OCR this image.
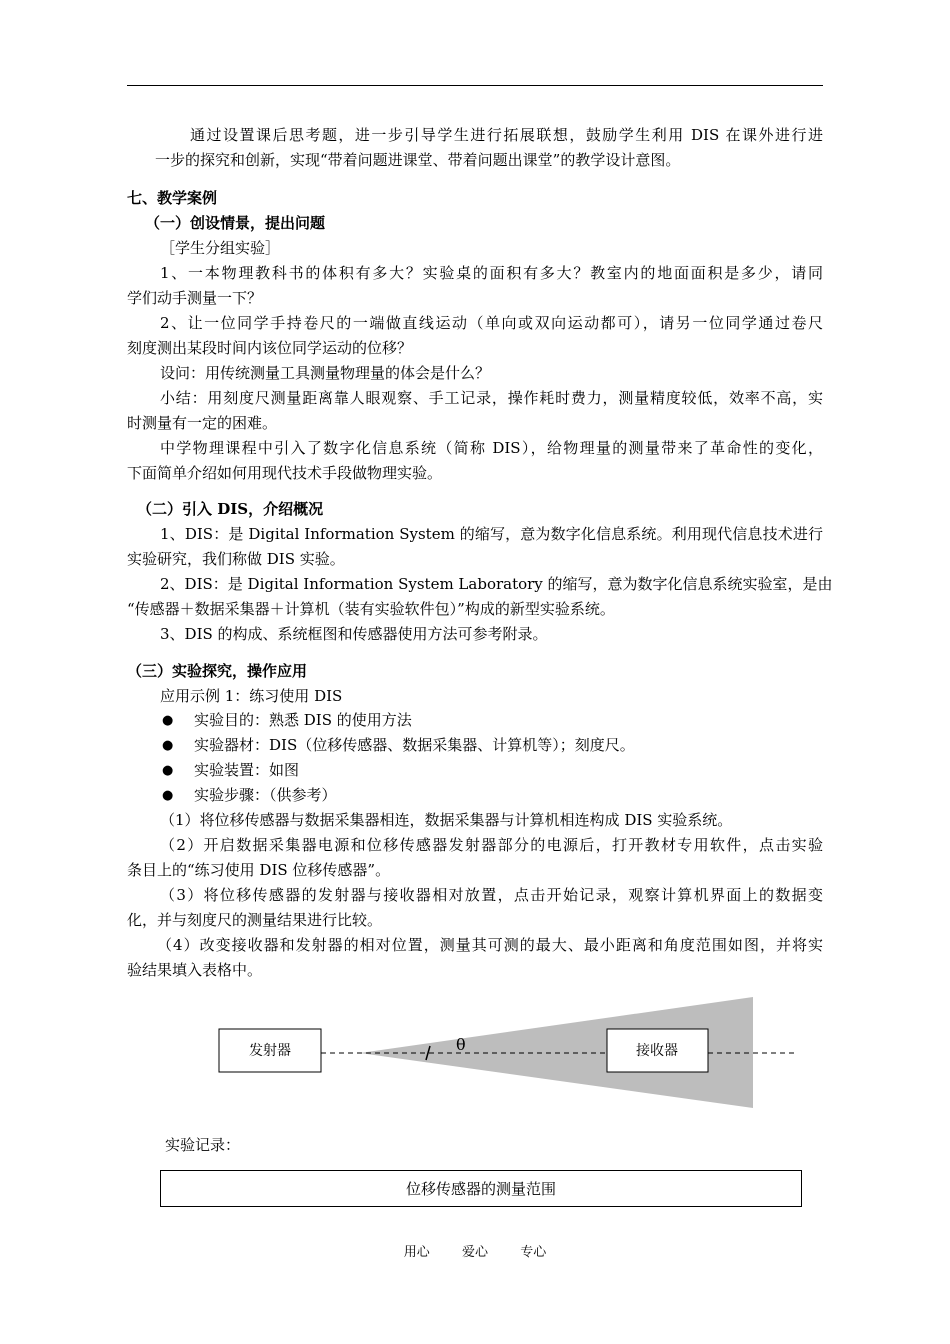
通过设置课后思考题，进一步引导学生进行拓展联想，鼓励学生利用 DIS 在课外进行进
一步的探究和创新，实现“带着问题进课堂、带着问题出课堂”的教学设计意图。
七、教学案例
（一）创设情景，提出问题
［学生分组实验］
1、一本物理教科书的体积有多大？实验桌的面积有多大？教室内的地面面积是多少，请同
学们动手测量一下？
2、让一位同学手持卷尺的一端做直线运动（单向或双向运动都可），请另一位同学通过卷尺
刻度测出某段时间内该位同学运动的位移？
设问：用传统测量工具测量物理量的体会是什么？
小结：用刻度尺测量距离靠人眼观察、手工记录，操作耗时费力，测量精度较低，效率不高，实
时测量有一定的困难。
中学物理课程中引入了数字化信息系统（简称 DIS），给物理量的测量带来了革命性的变化，
下面简单介绍如何用现代技术手段做物理实验。
（二）引入 DIS，介绍概况
1、DIS：是 Digital Information System 的缩写，意为数字化信息系统。利用现代信息技术进行
实验研究，我们称做 DIS 实验。
2、DIS：是 Digital Information System Laboratory 的缩写，意为数字化信息系统实验室，是由
“传感器＋数据采集器＋计算机（装有实验软件包）”构成的新型实验系统。
3、DIS 的构成、系统框图和传感器使用方法可参考附录。
（三）实验探究，操作应用
应用示例 1：练习使用 DIS
● 实验目的：熟悉 DIS 的使用方法
● 实验器材：DIS（位移传感器、数据采集器、计算机等）；刻度尺。
● 实验装置：如图
● 实验步骤：（供参考）
（1）将位移传感器与数据采集器相连，数据采集器与计算机相连构成 DIS 实验系统。
（2）开启数据采集器电源和位移传感器发射器部分的电源后，打开教材专用软件，点击实验
条目上的“练习使用 DIS 位移传感器”。
（3）将位移传感器的发射器与接收器相对放置，点击开始记录，观察计算机界面上的数据变
化，并与刻度尺的测量结果进行比较。
（4）改变接收器和发射器的相对位置，测量其可测的最大、最小距离和角度范围如图，并将实
验结果填入表格中。
发射器	接收器
θ
实验记录：
位移传感器的测量范围
用心  爱心  专心
